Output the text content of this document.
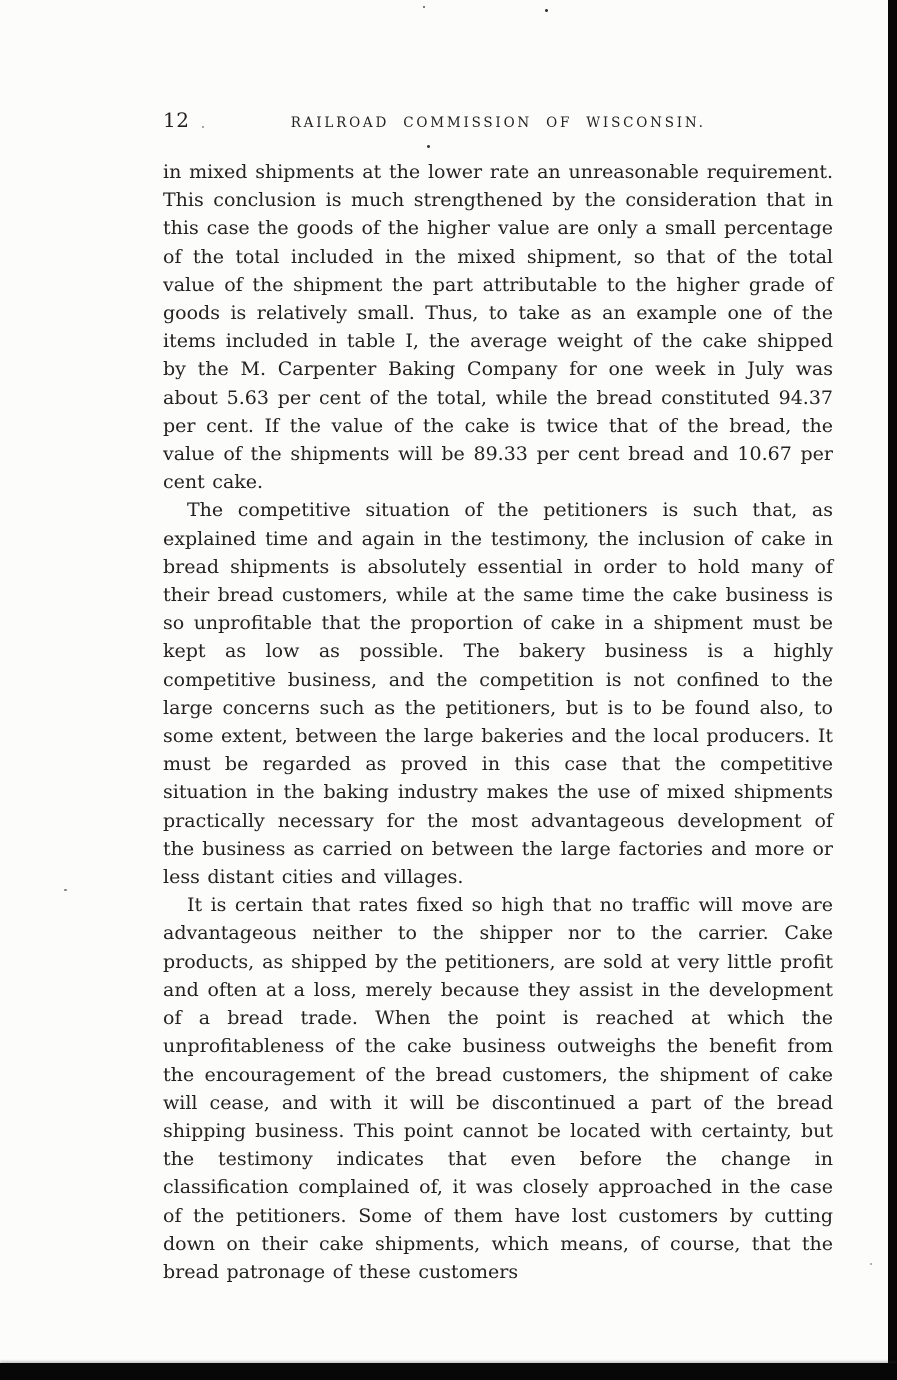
12	RAILROAD COMMISSION OF WISCONSIN.

in mixed shipments at the lower rate an unreasonable requirement. This conclusion is much strengthened by the consideration that in this case the goods of the higher value are only a small percentage of the total included in the mixed shipment, so that of the total value of the shipment the part attributable to the higher grade of goods is relatively small. Thus, to take as an example one of the items included in table I, the average weight of the cake shipped by the M. Carpenter Baking Company for one week in July was about 5.63 per cent of the total, while the bread constituted 94.37 per cent. If the value of the cake is twice that of the bread, the value of the shipments will be 89.33 per cent bread and 10.67 per cent cake.

The competitive situation of the petitioners is such that, as explained time and again in the testimony, the inclusion of cake in bread shipments is absolutely essential in order to hold many of their bread customers, while at the same time the cake business is so unprofitable that the proportion of cake in a shipment must be kept as low as possible. The bakery business is a highly competitive business, and the competition is not confined to the large concerns such as the petitioners, but is to be found also, to some extent, between the large bakeries and the local producers. It must be regarded as proved in this case that the competitive situation in the baking industry makes the use of mixed shipments practically necessary for the most advantageous development of the business as carried on between the large factories and more or less distant cities and villages.

It is certain that rates fixed so high that no traffic will move are advantageous neither to the shipper nor to the carrier. Cake products, as shipped by the petitioners, are sold at very little profit and often at a loss, merely because they assist in the development of a bread trade. When the point is reached at which the unprofitableness of the cake business outweighs the benefit from the encouragement of the bread customers, the shipment of cake will cease, and with it will be discontinued a part of the bread shipping business. This point cannot be located with certainty, but the testimony indicates that even before the change in classification complained of, it was closely approached in the case of the petitioners. Some of them have lost customers by cutting down on their cake shipments, which means, of course, that the bread patronage of these customers
